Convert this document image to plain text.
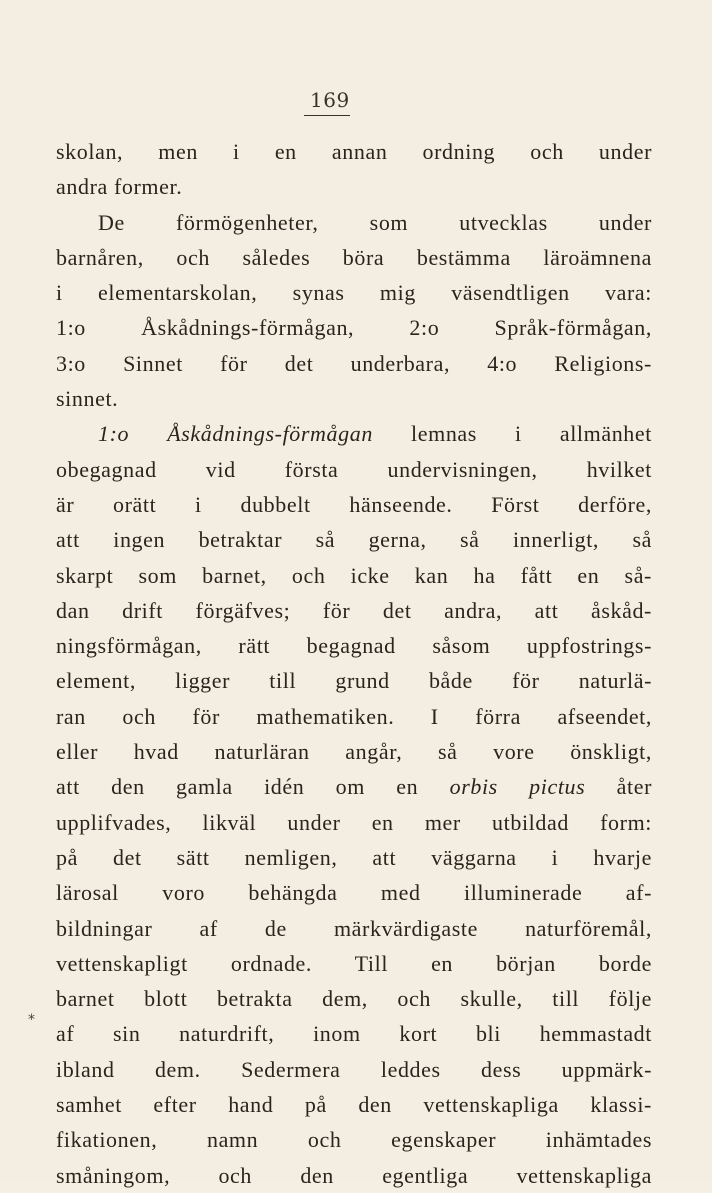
169
*
skolan, men i en annan ordning och under
andra former.
De förmögenheter, som utvecklas under
barnåren, och således böra bestämma läroämnena
i elementarskolan, synas mig väsendtligen vara:
1:o Åskådnings-förmågan, 2:o Språk-förmågan,
3:o Sinnet för det underbara, 4:o Religions-
sinnet.
1:o Åskådnings-förmågan lemnas i allmänhet
obegagnad vid första undervisningen, hvilket
är orätt i dubbelt hänseende. Först derföre,
att ingen betraktar så gerna, så innerligt, så
skarpt som barnet, och icke kan ha fått en så-
dan drift förgäfves; för det andra, att åskåd-
ningsförmågan, rätt begagnad såsom uppfostrings-
element, ligger till grund både för naturlä-
ran och för mathematiken. I förra afseendet,
eller hvad naturläran angår, så vore önskligt,
att den gamla idén om en orbis pictus åter
upplifvades, likväl under en mer utbildad form:
på det sätt nemligen, att väggarna i hvarje
lärosal voro behängda med illuminerade af-
bildningar af de märkvärdigaste naturföremål,
vettenskapligt ordnade. Till en början borde
barnet blott betrakta dem, och skulle, till följe
af sin naturdrift, inom kort bli hemmastadt
ibland dem. Sedermera leddes dess uppmärk-
samhet efter hand på den vettenskapliga klassi-
fikationen, namn och egenskaper inhämtades
småningom, och den egentliga vettenskapliga
